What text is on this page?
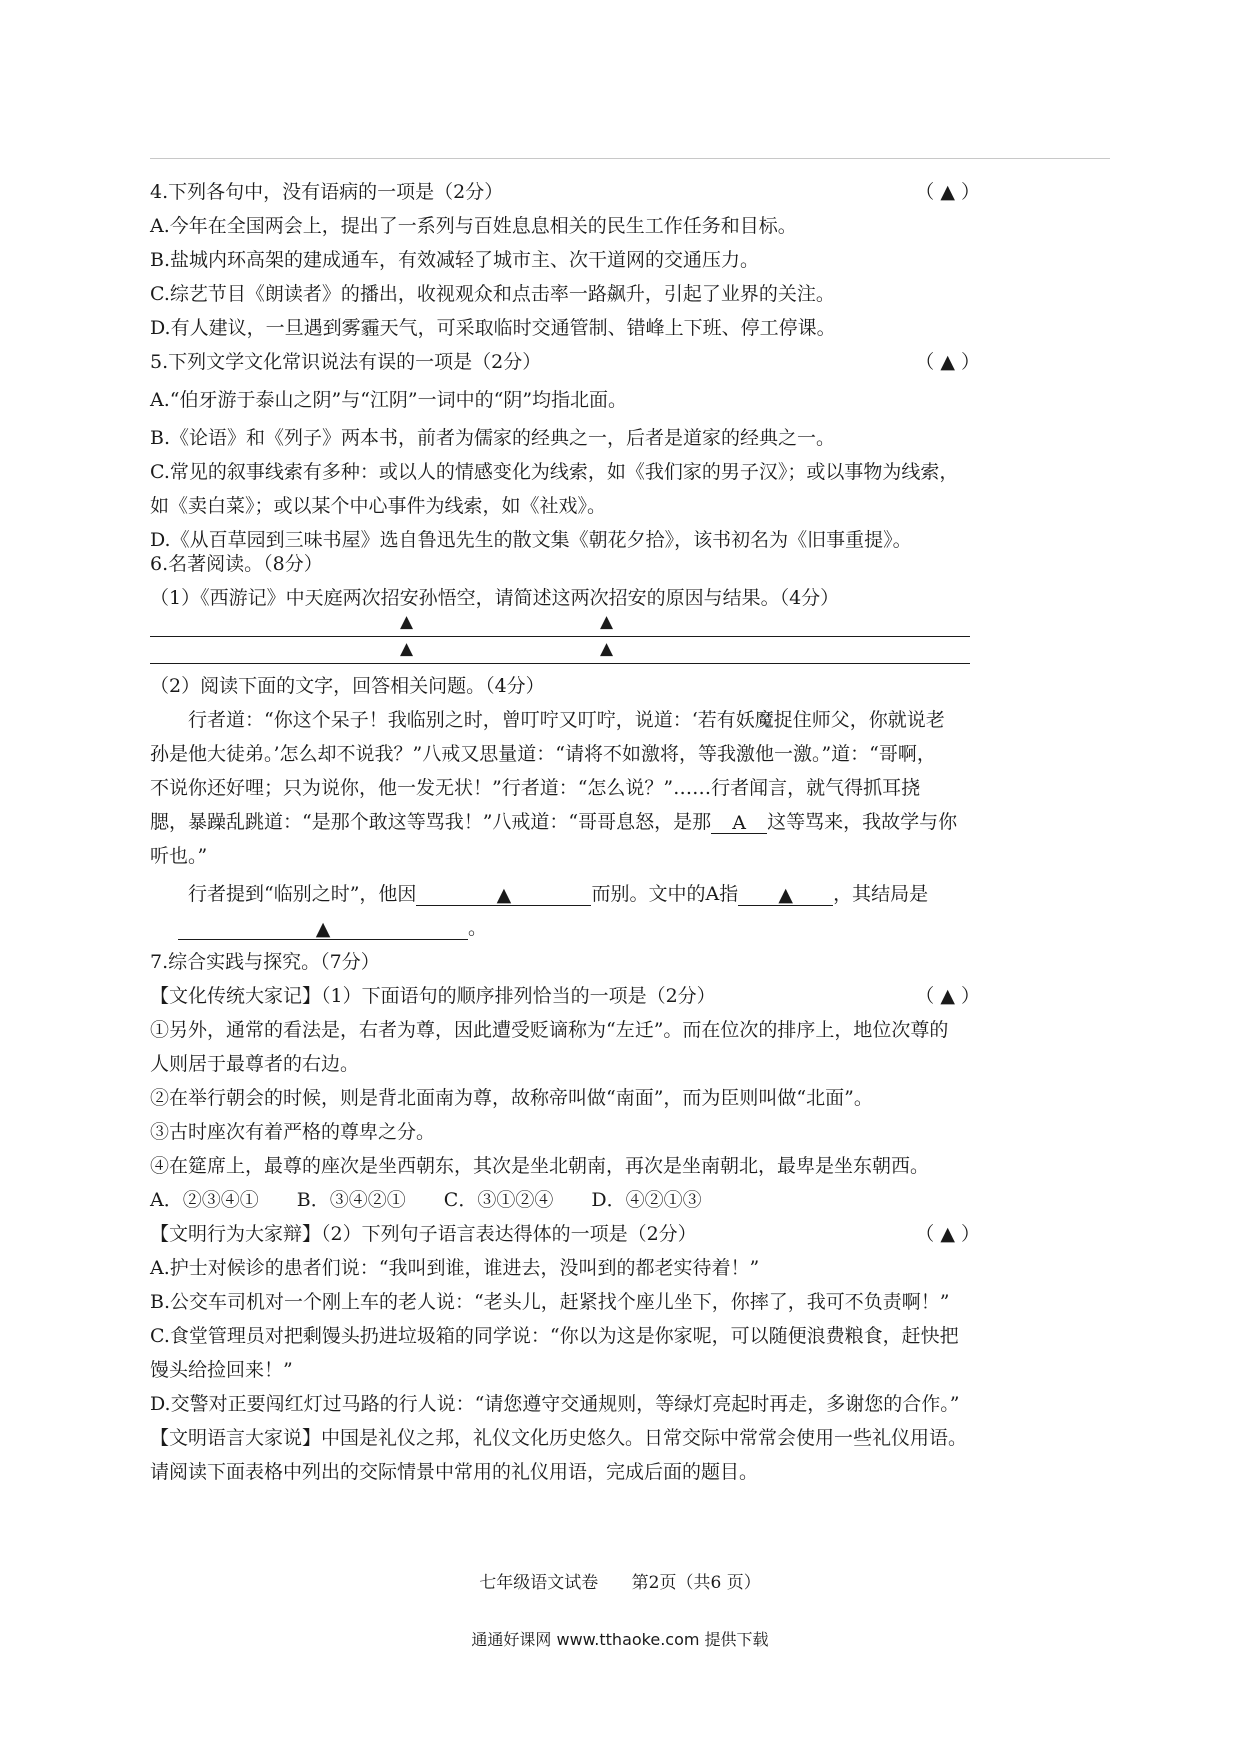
4.下列各句中，没有语病的一项是（2分）	（ ▲ ）

A.今年在全国两会上，提出了一系列与百姓息息相关的民生工作任务和目标。

B.盐城内环高架的建成通车，有效减轻了城市主、次干道网的交通压力。

C.综艺节目《朗读者》的播出，收视观众和点击率一路飙升，引起了业界的关注。

D.有人建议，一旦遇到雾霾天气，可采取临时交通管制、错峰上下班、停工停课。

5.下列文学文化常识说法有误的一项是（2分）	（ ▲ ）

A.“伯牙游于泰山之阴”与“江阴”一词中的“阴”均指北面。

B.《论语》和《列子》两本书，前者为儒家的经典之一，后者是道家的经典之一。

C.常见的叙事线索有多种：或以人的情感变化为线索，如《我们家的男子汉》；或以事物为线索，

如《卖白菜》；或以某个中心事件为线索，如《社戏》。

D.《从百草园到三味书屋》选自鲁迅先生的散文集《朝花夕拾》，该书初名为《旧事重提》。

6.名著阅读。（8分）

（1）《西游记》中天庭两次招安孙悟空，请简述这两次招安的原因与结果。（4分）

▲	▲
▲	▲

（2）阅读下面的文字，回答相关问题。（4分）

行者道：“你这个呆子！我临别之时，曾叮咛又叮咛，说道：‘若有妖魔捉住师父，你就说老

孙是他大徒弟。’怎么却不说我？”八戒又思量道：“请将不如激将，等我激他一激。”道：“哥啊，

不说你还好哩；只为说你，他一发无状！”行者道：“怎么说？”……行者闻言，就气得抓耳挠

腮，暴躁乱跳道：“是那个敢这等骂我！”八戒道：“哥哥息怒，是那 A 这等骂来，我故学与你

听也。”

行者提到“临别之时”，他因	▲	而别。文中的A指 ▲ ，其结局是

▲	。

7.综合实践与探究。（7分）

【文化传统大家记】（1）下面语句的顺序排列恰当的一项是（2分）	（ ▲ ）

①另外，通常的看法是，右者为尊，因此遭受贬谪称为“左迁”。而在位次的排序上，地位次尊的

人则居于最尊者的右边。

②在举行朝会的时候，则是背北面南为尊，故称帝叫做“南面”，而为臣则叫做“北面”。

③古时座次有着严格的尊卑之分。

④在筵席上，最尊的座次是坐西朝东，其次是坐北朝南，再次是坐南朝北，最卑是坐东朝西。

A．②③④① B．③④②① C．③①②④ D．④②①③

【文明行为大家辩】（2）下列句子语言表达得体的一项是（2分）	（ ▲ ）

A.护士对候诊的患者们说：“我叫到谁，谁进去，没叫到的都老实待着！”

B.公交车司机对一个刚上车的老人说：“老头儿，赶紧找个座儿坐下，你摔了，我可不负责啊！”

C.食堂管理员对把剩馒头扔进垃圾箱的同学说：“你以为这是你家呢，可以随便浪费粮食，赶快把

馒头给捡回来！”

D.交警对正要闯红灯过马路的行人说：“请您遵守交通规则，等绿灯亮起时再走，多谢您的合作。”

【文明语言大家说】中国是礼仪之邦，礼仪文化历史悠久。日常交际中常常会使用一些礼仪用语。

请阅读下面表格中列出的交际情景中常用的礼仪用语，完成后面的题目。

七年级语文试卷 第2页（共6 页）
通通好课网 www.tthaoke.com 提供下载
